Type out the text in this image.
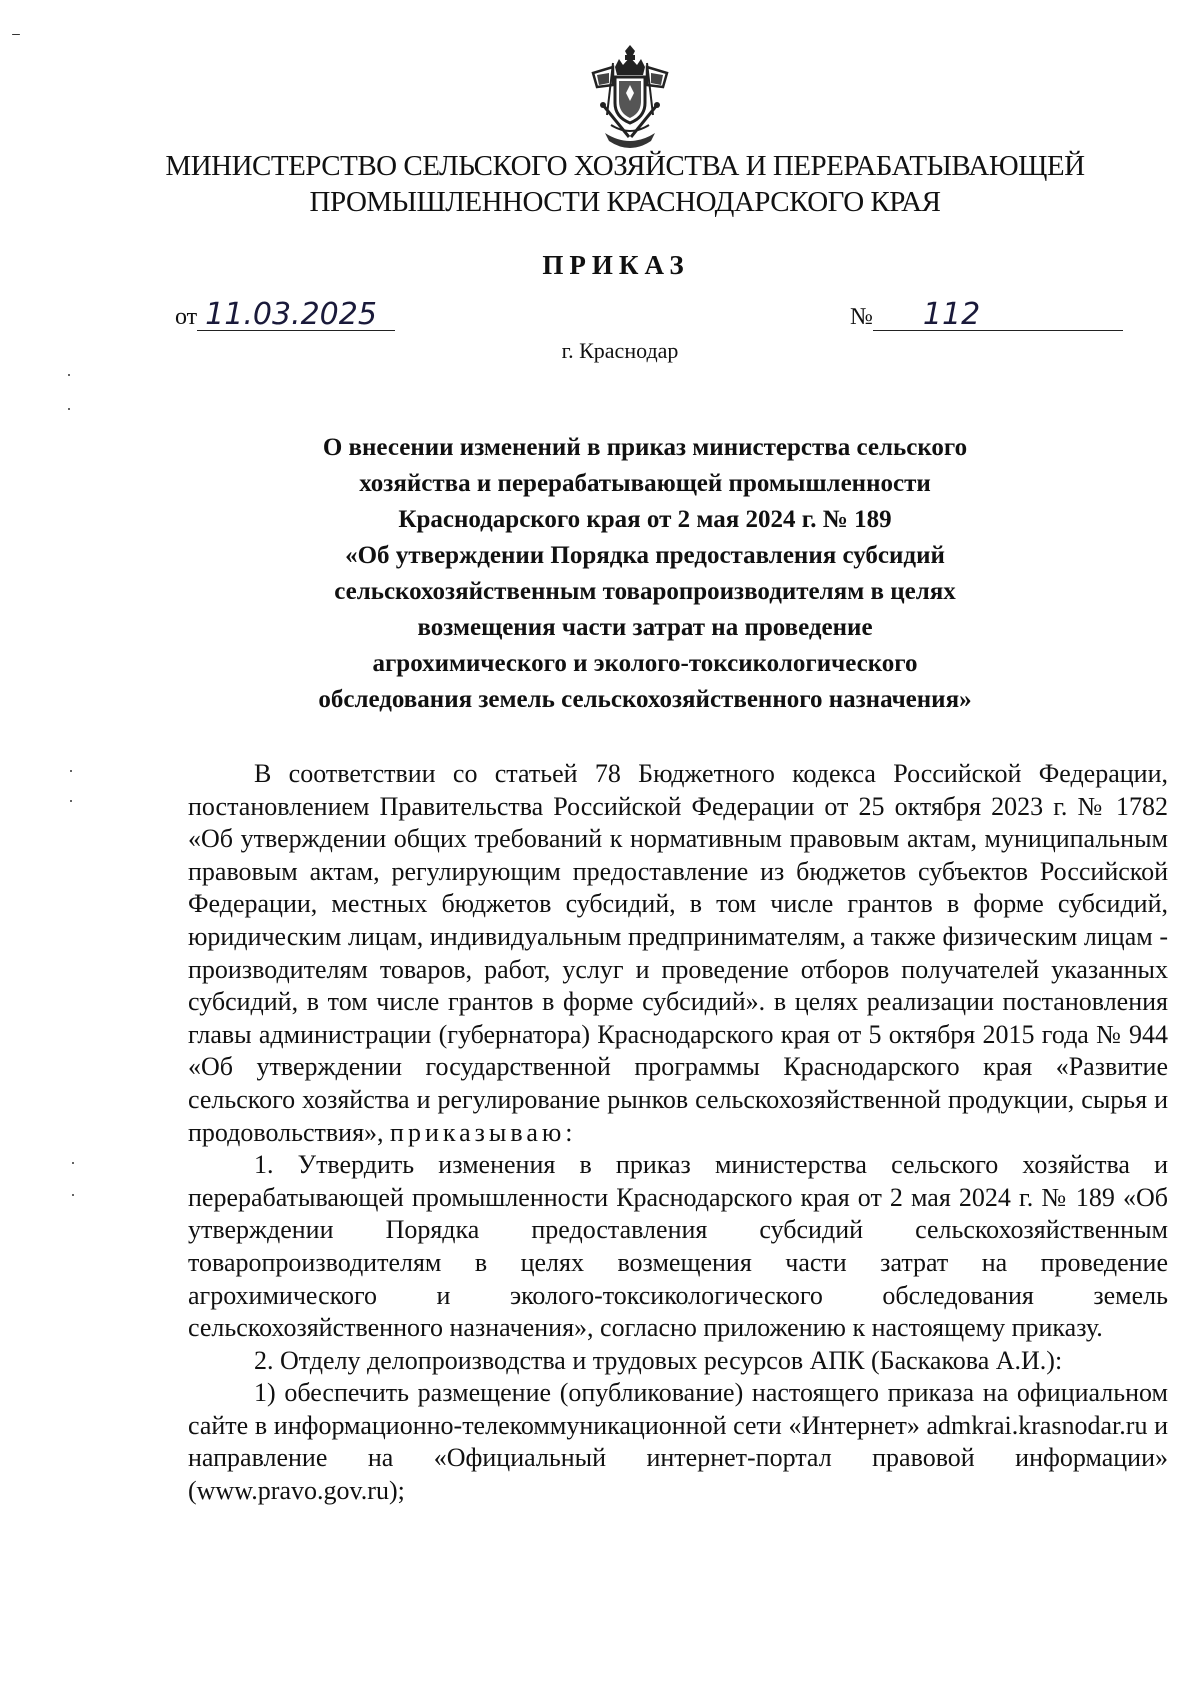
МИНИСТЕРСТВО СЕЛЬСКОГО ХОЗЯЙСТВА И ПЕРЕРАБАТЫВАЮЩЕЙ
ПРОМЫШЛЕННОСТИ КРАСНОДАРСКОГО КРАЯ
ПРИКАЗ
от 11.03.2025	№ 112
г. Краснодар
О внесении изменений в приказ министерства сельского
хозяйства и перерабатывающей промышленности
Краснодарского края от 2 мая 2024 г. № 189
«Об утверждении Порядка предоставления субсидий
сельскохозяйственным товаропроизводителям в целях
возмещения части затрат на проведение
агрохимического и эколого-токсикологического
обследования земель сельскохозяйственного назначения»

В соответствии со статьей 78 Бюджетного кодекса Российской Федерации, постановлением Правительства Российской Федерации от 25 октября 2023 г. № 1782 «Об утверждении общих требований к нормативным правовым актам, муниципальным правовым актам, регулирующим предоставление из бюджетов субъектов Российской Федерации, местных бюджетов субсидий, в том числе грантов в форме субсидий, юридическим лицам, индивидуальным предпринимателям, а также физическим лицам - производителям товаров, работ, услуг и проведение отборов получателей указанных субсидий, в том числе грантов в форме субсидий». в целях реализации постановления главы администрации (губернатора) Краснодарского края от 5 октября 2015 года № 944 «Об утверждении государственной программы Краснодарского края «Развитие сельского хозяйства и регулирование рынков сельскохозяйственной продукции, сырья и продовольствия», приказываю:

1. Утвердить изменения в приказ министерства сельского хозяйства и перерабатывающей промышленности Краснодарского края от 2 мая 2024 г. № 189 «Об утверждении Порядка предоставления субсидий сельскохозяйственным товаропроизводителям в целях возмещения части затрат на проведение агрохимического и эколого-токсикологического обследования земель сельскохозяйственного назначения», согласно приложению к настоящему приказу.

2. Отделу делопроизводства и трудовых ресурсов АПК (Баскакова А.И.):

1) обеспечить размещение (опубликование) настоящего приказа на официальном сайте в информационно-телекоммуникационной сети «Интернет» admkrai.krasnodar.ru и направление на «Официальный интернет-портал правовой информации» (www.pravo.gov.ru);
